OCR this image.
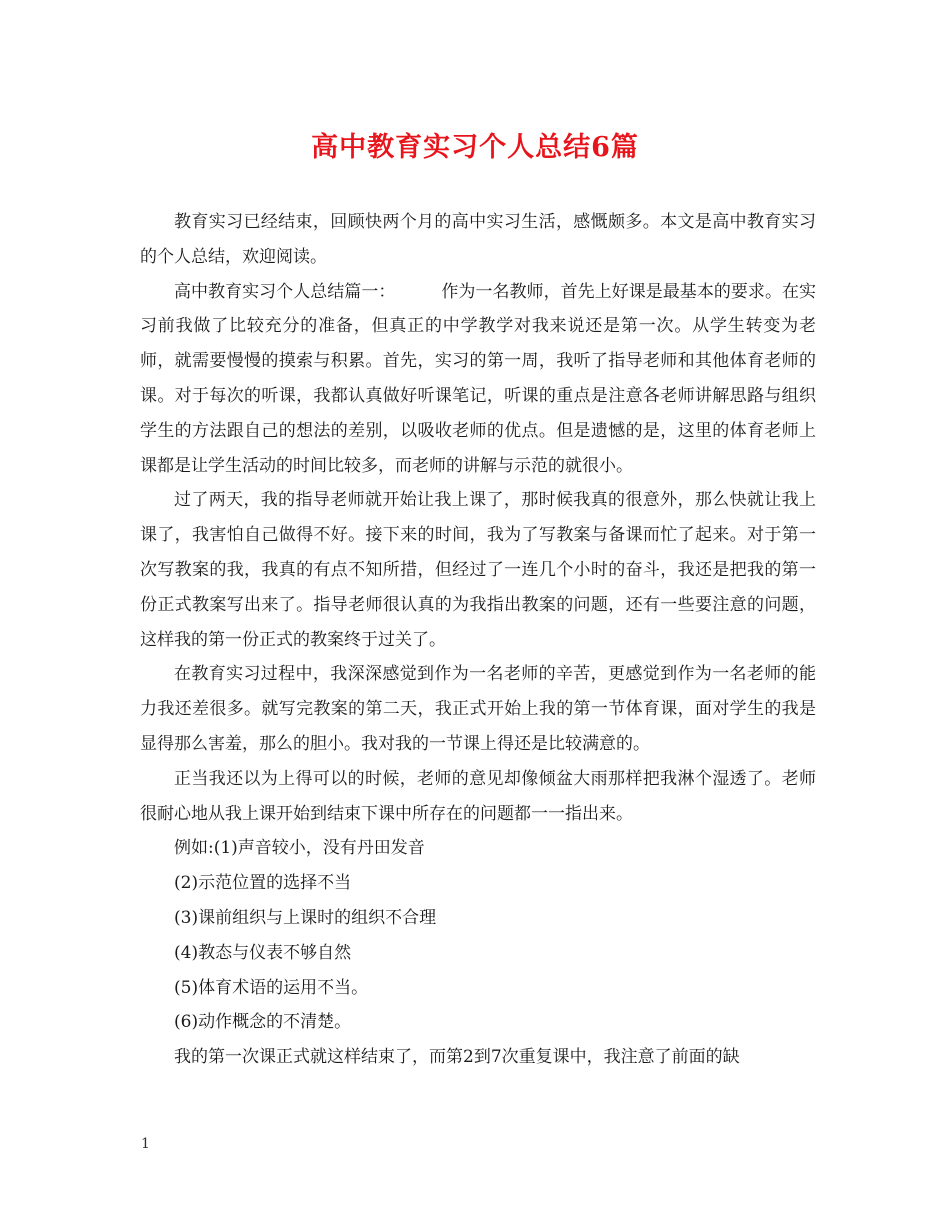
高中教育实习个人总结6篇

教育实习已经结束，回顾快两个月的高中实习生活，感慨颇多。本文是高中教育实习的个人总结，欢迎阅读。

高中教育实习个人总结篇一：	作为一名教师，首先上好课是最基本的要求。在实习前我做了比较充分的准备，但真正的中学教学对我来说还是第一次。从学生转变为老师，就需要慢慢的摸索与积累。首先，实习的第一周，我听了指导老师和其他体育老师的课。对于每次的听课，我都认真做好听课笔记，听课的重点是注意各老师讲解思路与组织学生的方法跟自己的想法的差别，以吸收老师的优点。但是遗憾的是，这里的体育老师上课都是让学生活动的时间比较多，而老师的讲解与示范的就很小。

过了两天，我的指导老师就开始让我上课了，那时候我真的很意外，那么快就让我上课了，我害怕自己做得不好。接下来的时间，我为了写教案与备课而忙了起来。对于第一次写教案的我，我真的有点不知所措，但经过了一连几个小时的奋斗，我还是把我的第一份正式教案写出来了。指导老师很认真的为我指出教案的问题，还有一些要注意的问题，这样我的第一份正式的教案终于过关了。

在教育实习过程中，我深深感觉到作为一名老师的辛苦，更感觉到作为一名老师的能力我还差很多。就写完教案的第二天，我正式开始上我的第一节体育课，面对学生的我是显得那么害羞，那么的胆小。我对我的一节课上得还是比较满意的。

正当我还以为上得可以的时候，老师的意见却像倾盆大雨那样把我淋个湿透了。老师很耐心地从我上课开始到结束下课中所存在的问题都一一指出来。

例如:(1)声音较小，没有丹田发音

(2)示范位置的选择不当

(3)课前组织与上课时的组织不合理

(4)教态与仪表不够自然

(5)体育术语的运用不当。

(6)动作概念的不清楚。

我的第一次课正式就这样结束了，而第2到7次重复课中，我注意了前面的缺

1
